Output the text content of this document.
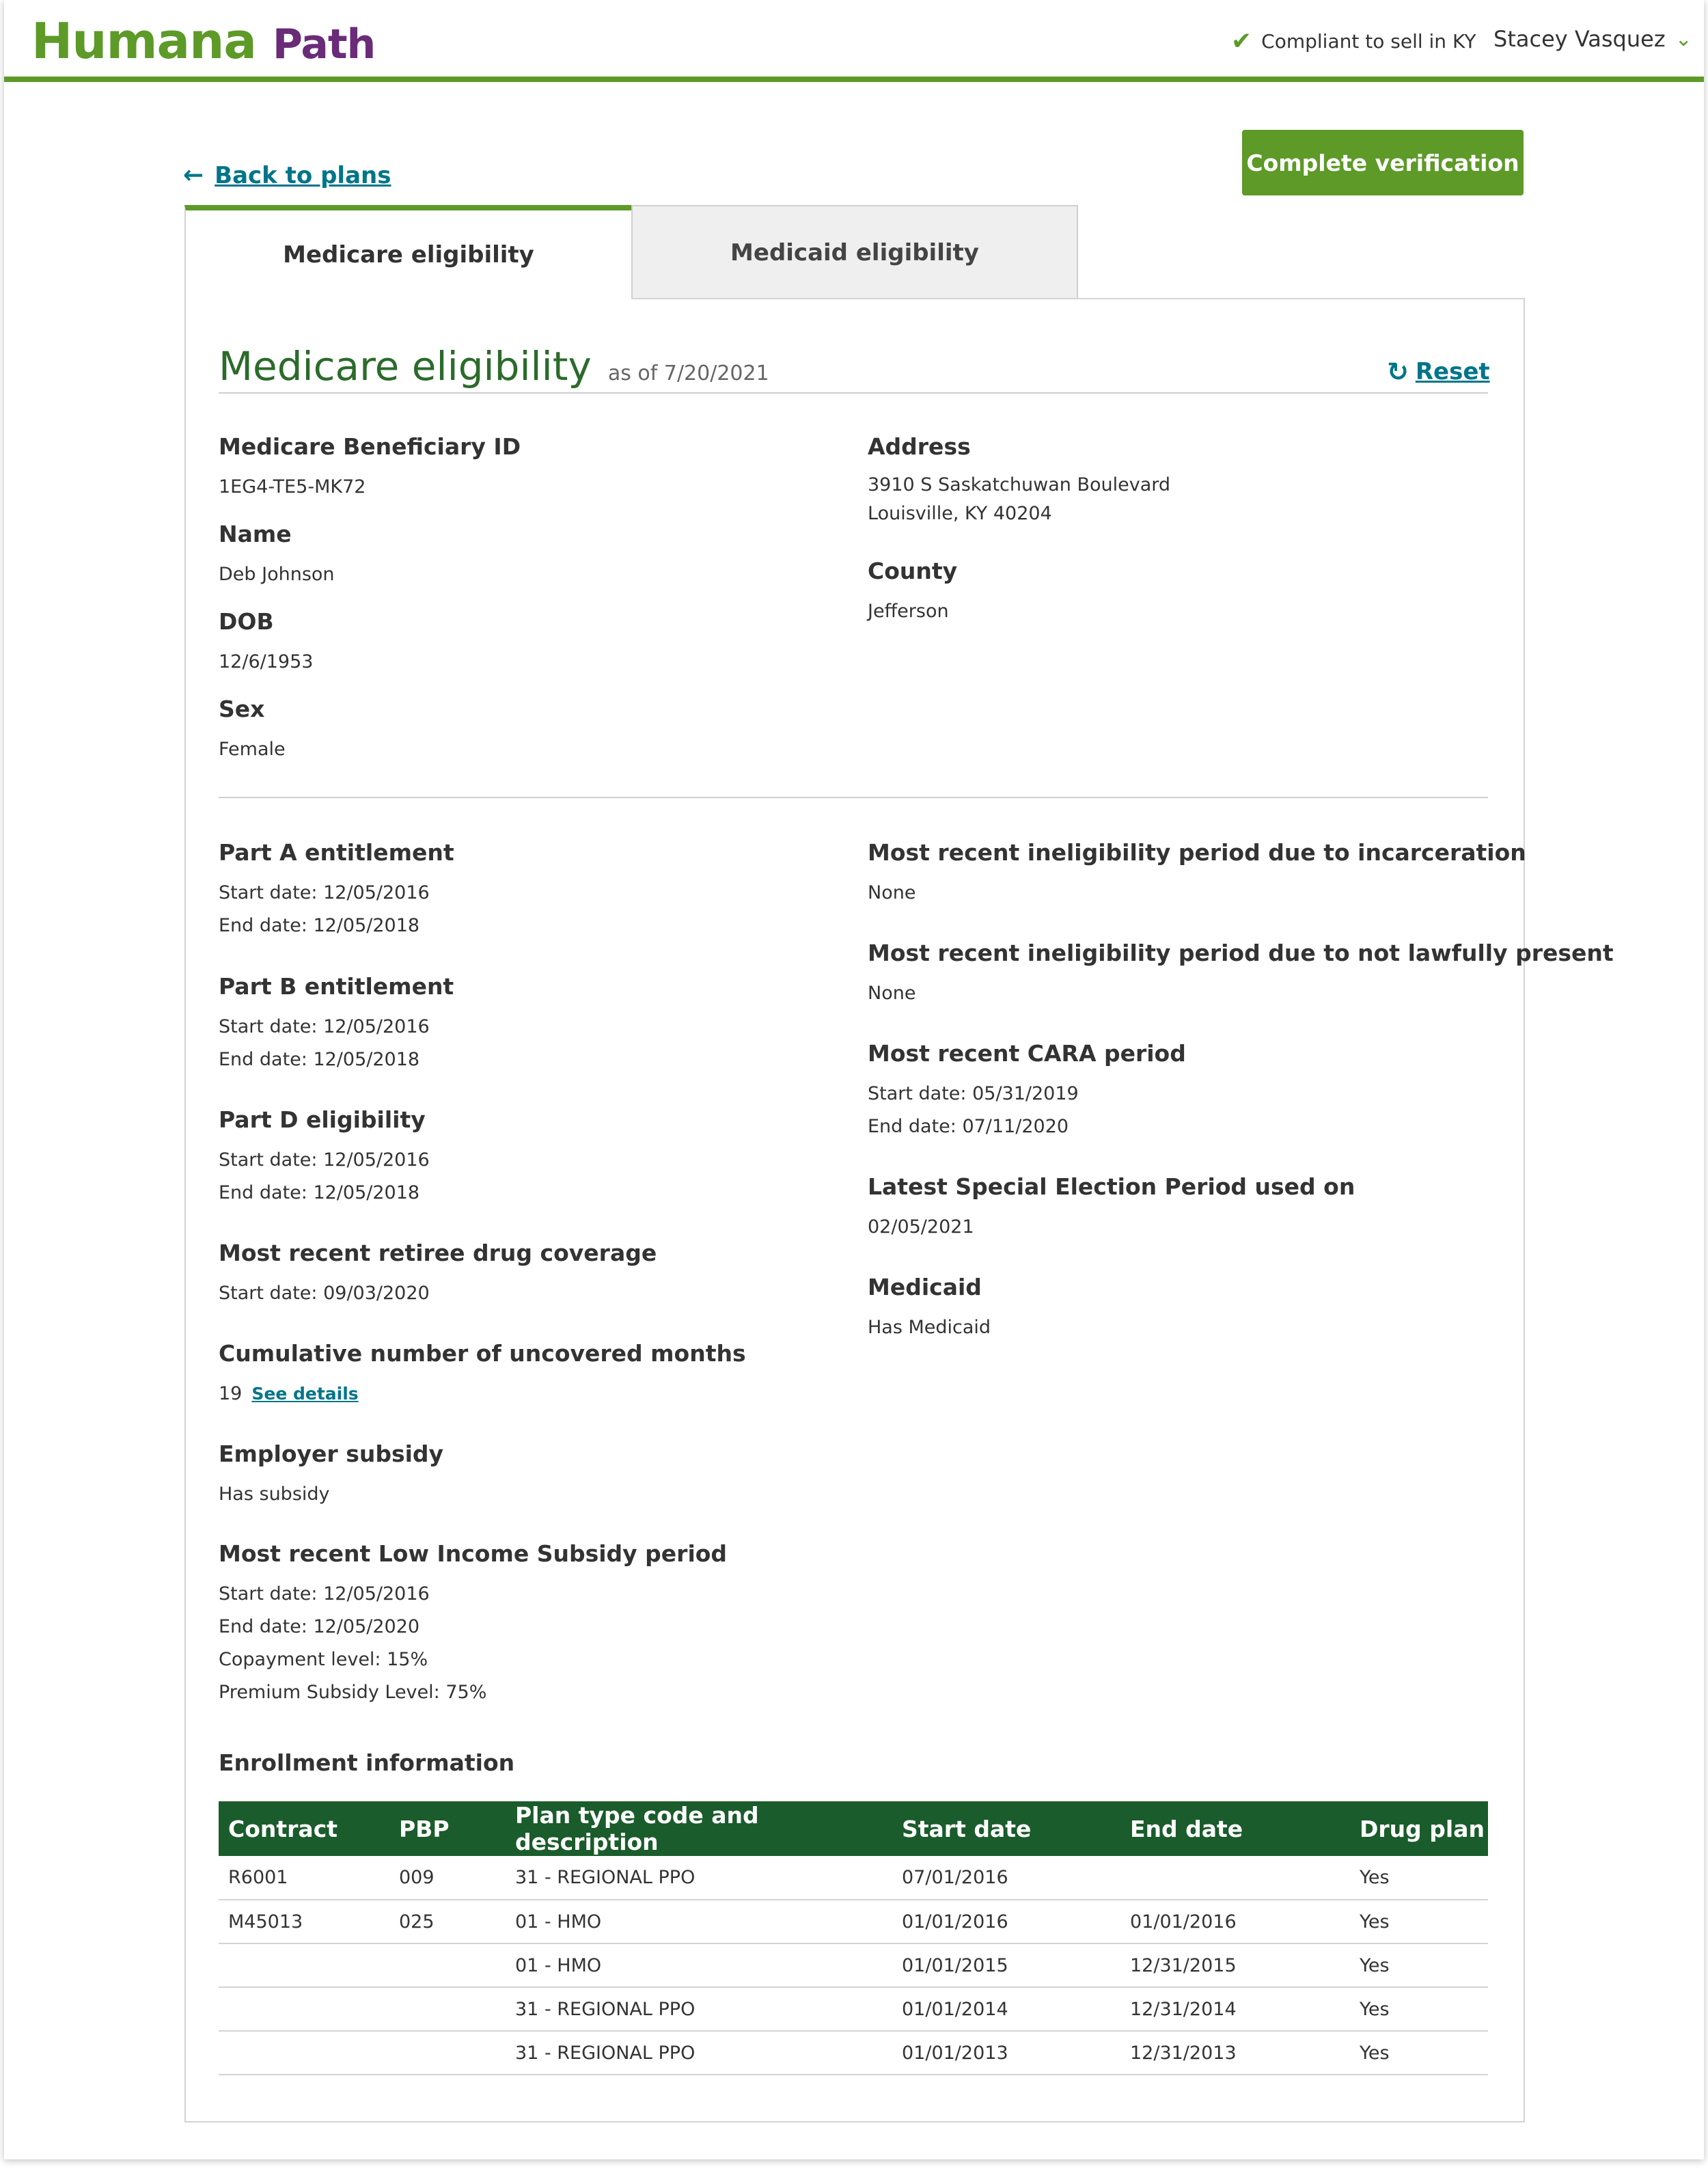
Humana Path	✔ Compliant to sell in KY Stacey Vasquez ⌄
← Back to plans	Complete verification
Medicare eligibility	Medicaid eligibility
Medicare eligibility as of 7/20/2021	↻ Reset
Medicare Beneficiary ID
1EG4-TE5-MK72
Name
Deb Johnson
DOB
12/6/1953
Sex
Female
Address
3910 S Saskatchuwan Boulevard
Louisville, KY 40204
County
Jefferson
Part A entitlement
Start date: 12/05/2016
End date: 12/05/2018
Part B entitlement
Start date: 12/05/2016
End date: 12/05/2018
Part D eligibility
Start date: 12/05/2016
End date: 12/05/2018
Most recent retiree drug coverage
Start date: 09/03/2020
Cumulative number of uncovered months
19 See details
Employer subsidy
Has subsidy
Most recent Low Income Subsidy period
Start date: 12/05/2016
End date: 12/05/2020
Copayment level: 15%
Premium Subsidy Level: 75%
Most recent ineligibility period due to incarceration
None
Most recent ineligibility period due to not lawfully present
None
Most recent CARA period
Start date: 05/31/2019
End date: 07/11/2020
Latest Special Election Period used on
02/05/2021
Medicaid
Has Medicaid
Enrollment information
Contract	PBP	Plan type code and description	Start date	End date	Drug plan
R6001	009	31 - REGIONAL PPO	07/01/2016		Yes
M45013	025	01 - HMO	01/01/2016	01/01/2016	Yes
		01 - HMO	01/01/2015	12/31/2015	Yes
		31 - REGIONAL PPO	01/01/2014	12/31/2014	Yes
		31 - REGIONAL PPO	01/01/2013	12/31/2013	Yes
